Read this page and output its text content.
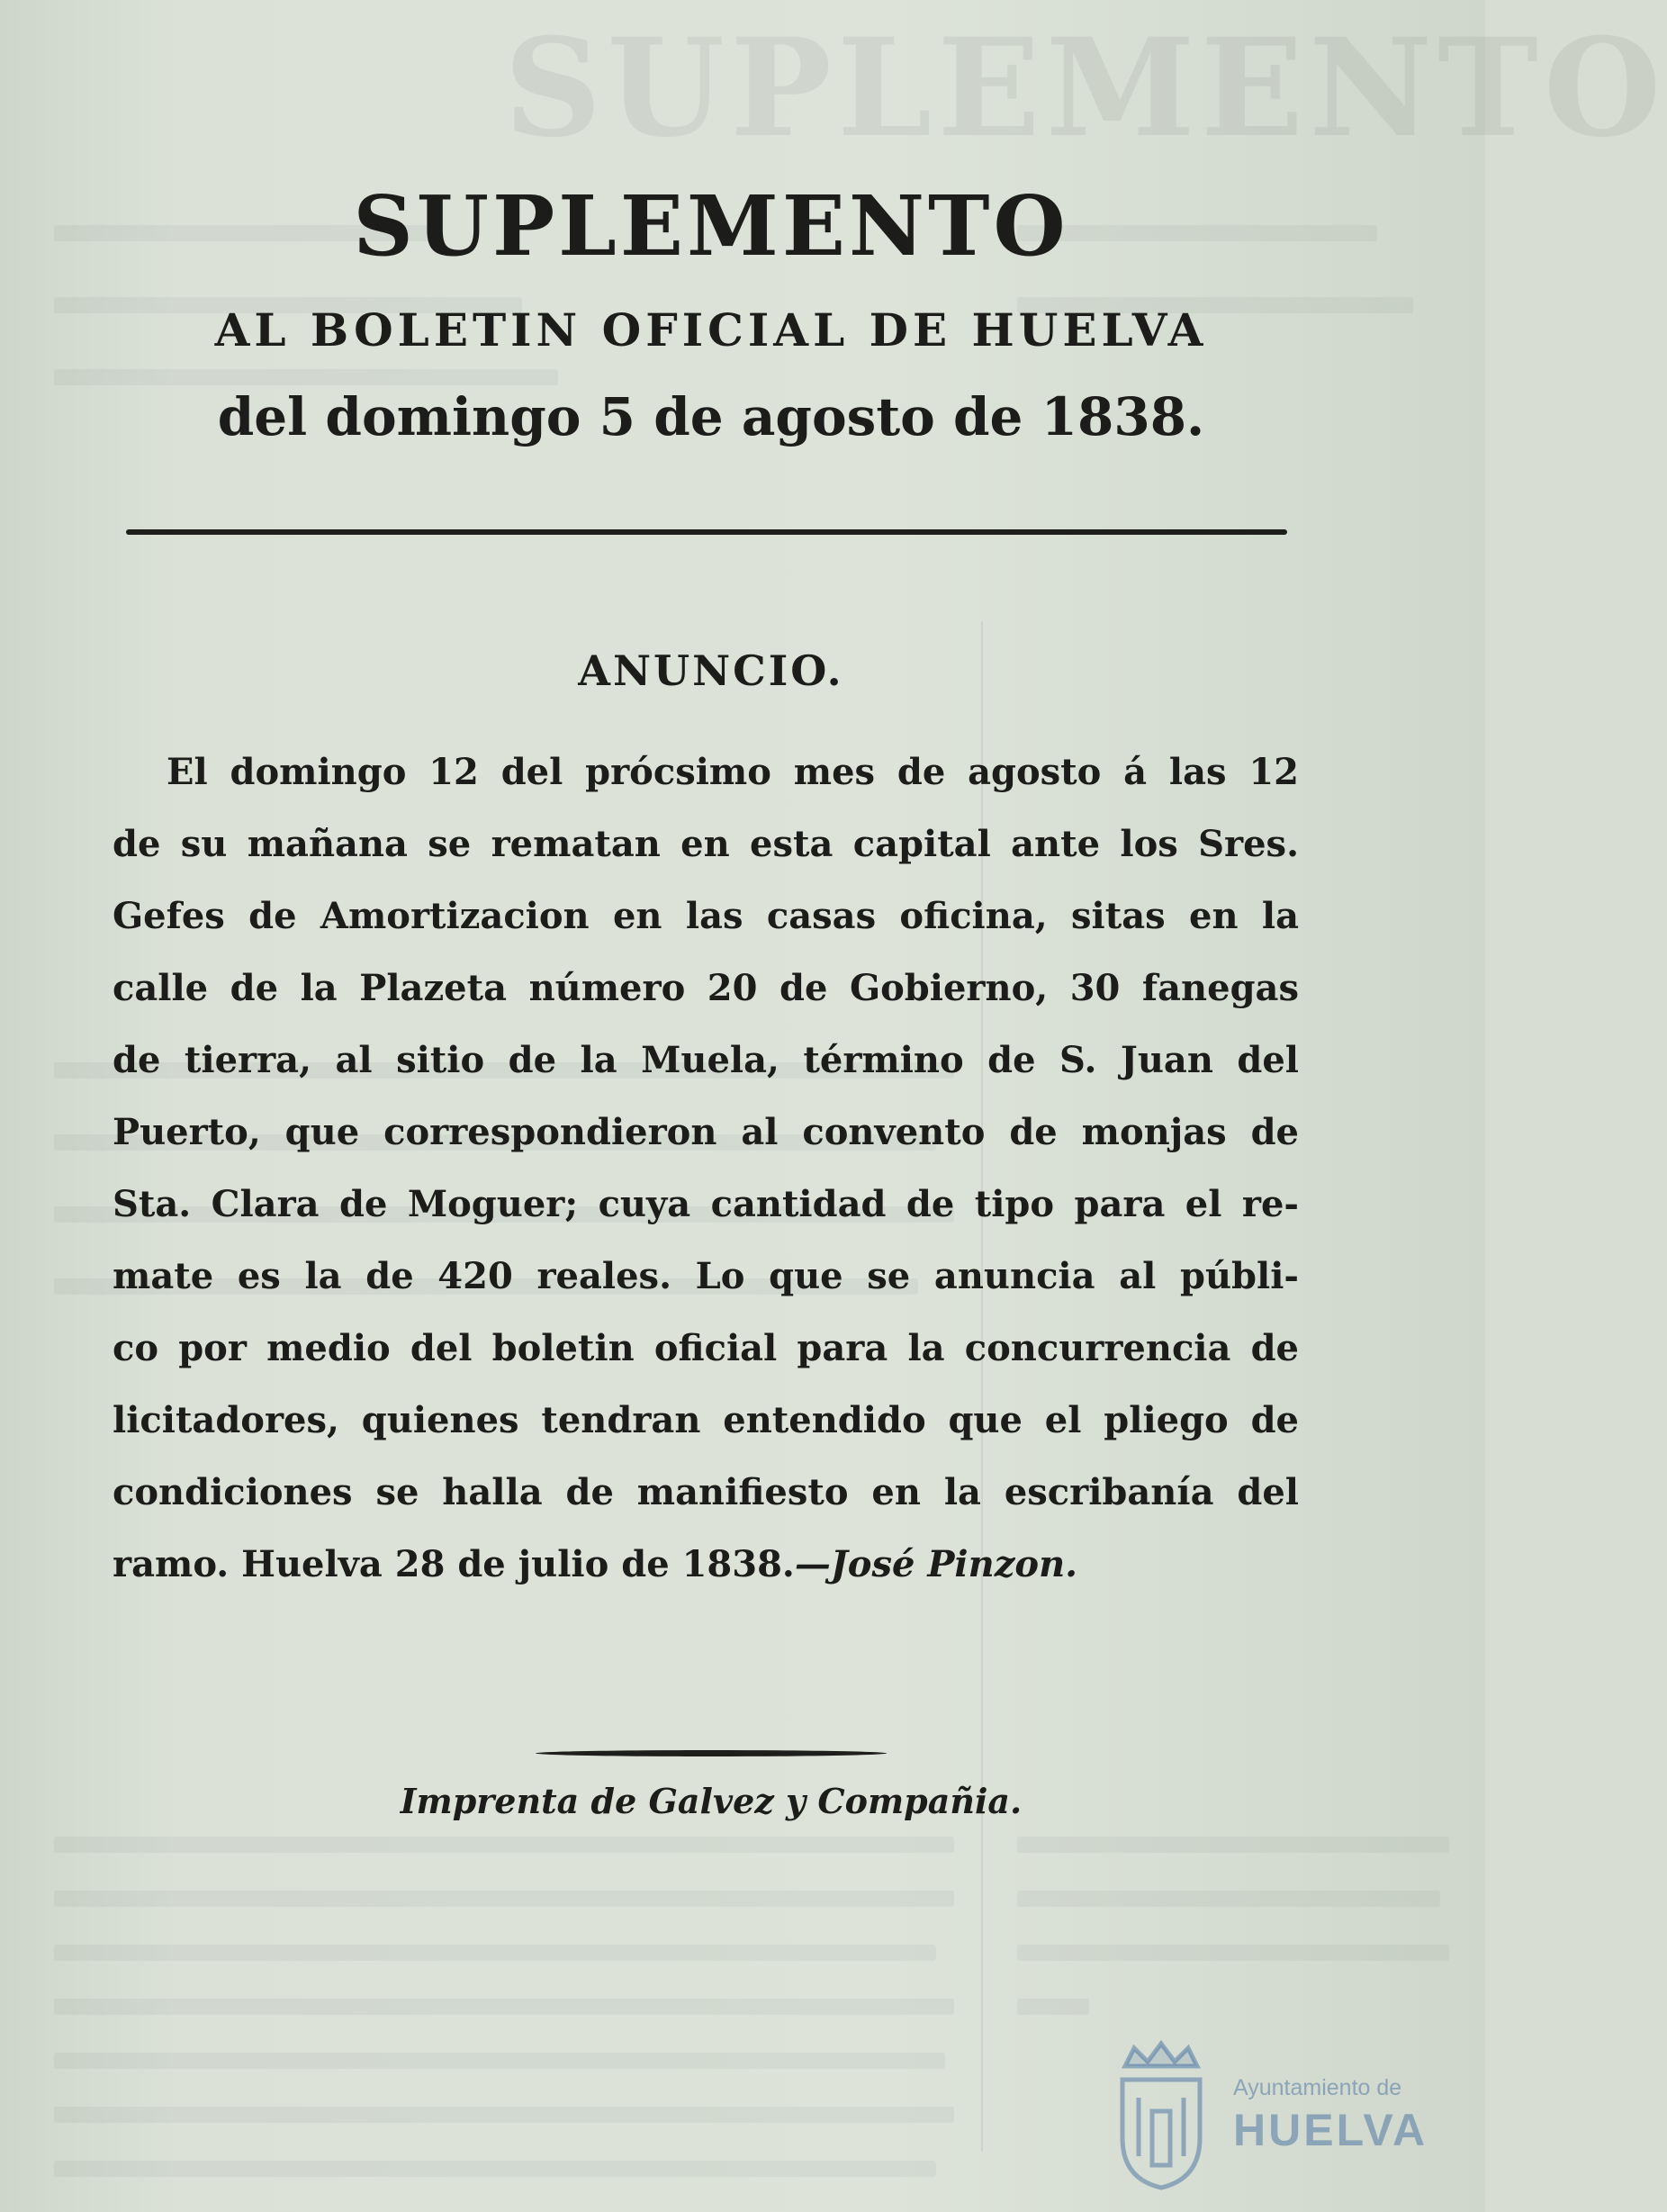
SUPLEMENTO
SUPLEMENTO
AL BOLETIN OFICIAL DE HUELVA
del domingo 5 de agosto de 1838.
ANUNCIO.
El domingo 12 del prócsimo mes de agosto á las 12
de su mañana se rematan en esta capital ante los Sres.
Gefes de Amortizacion en las casas oficina, sitas en la
calle de la Plazeta número 20 de Gobierno, 30 fanegas
de tierra, al sitio de la Muela, término de S. Juan del
Puerto, que correspondieron al convento de monjas de
Sta. Clara de Moguer; cuya cantidad de tipo para el re-
mate es la de 420 reales. Lo que se anuncia al públi-
co por medio del boletin oficial para la concurrencia de
licitadores, quienes tendran entendido que el pliego de
condiciones se halla de manifiesto en la escribanía del
ramo. Huelva 28 de julio de 1838.—José Pinzon.
Imprenta de Galvez y Compañia.
Ayuntamiento de
HUELVA
